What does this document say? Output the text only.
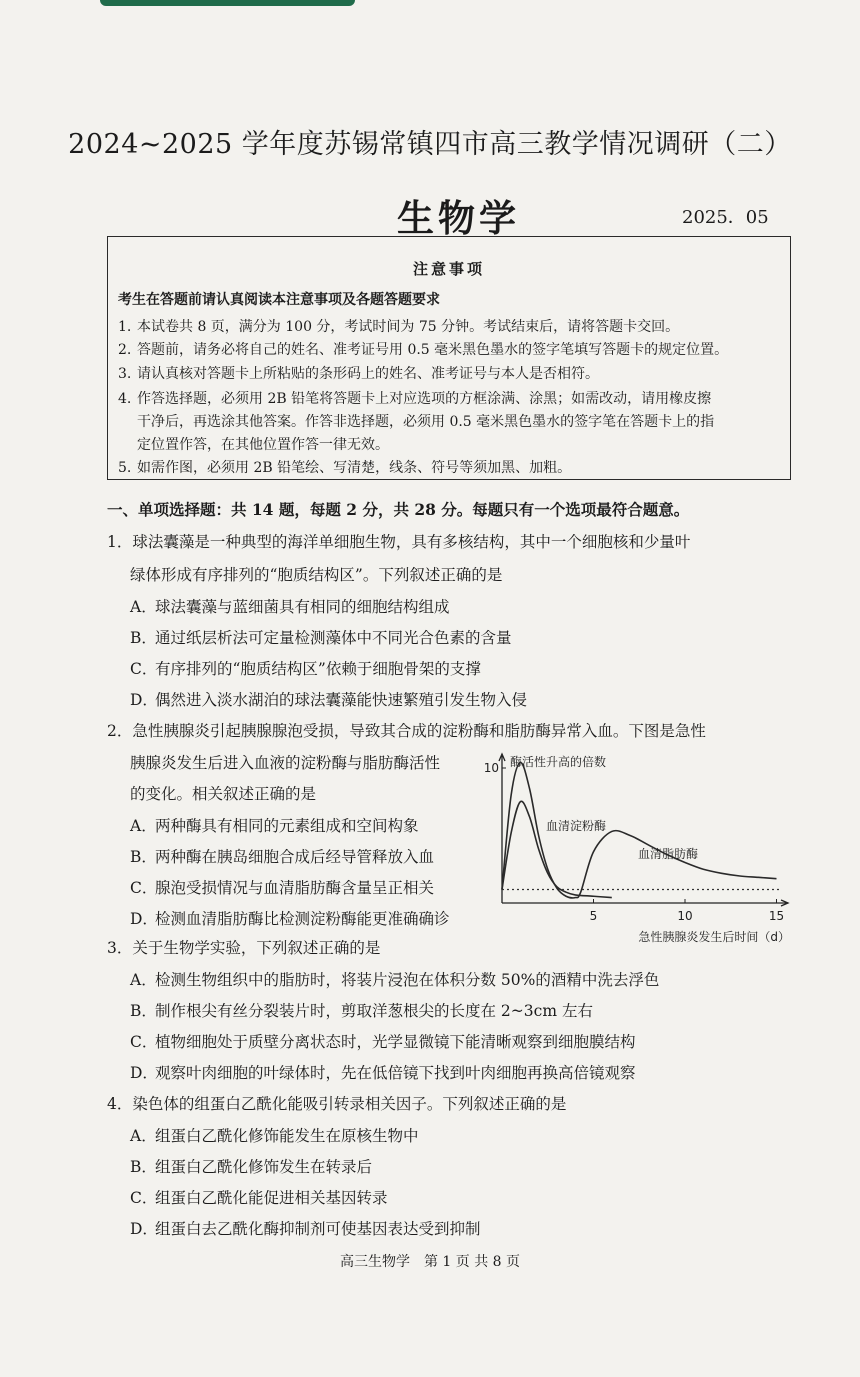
2024~2025 学年度苏锡常镇四市高三教学情况调研（二）
生物学	2025．05
注意事项
考生在答题前请认真阅读本注意事项及各题答题要求
1. 本试卷共 8 页，满分为 100 分，考试时间为 75 分钟。考试结束后，请将答题卡交回。
2. 答题前，请务必将自己的姓名、准考证号用 0.5 毫米黑色墨水的签字笔填写答题卡的规定位置。
3. 请认真核对答题卡上所粘贴的条形码上的姓名、准考证号与本人是否相符。
4. 作答选择题，必须用 2B 铅笔将答题卡上对应选项的方框涂满、涂黑；如需改动，请用橡皮擦
干净后，再选涂其他答案。作答非选择题，必须用 0.5 毫米黑色墨水的签字笔在答题卡上的指
定位置作答，在其他位置作答一律无效。
5. 如需作图，必须用 2B 铅笔绘、写清楚，线条、符号等须加黑、加粗。
一、单项选择题：共 14 题，每题 2 分，共 28 分。每题只有一个选项最符合题意。
1．球法囊藻是一种典型的海洋单细胞生物，具有多核结构，其中一个细胞核和少量叶
绿体形成有序排列的“胞质结构区”。下列叙述正确的是
A．球法囊藻与蓝细菌具有相同的细胞结构组成
B．通过纸层析法可定量检测藻体中不同光合色素的含量
C．有序排列的“胞质结构区”依赖于细胞骨架的支撑
D．偶然进入淡水湖泊的球法囊藻能快速繁殖引发生物入侵
2．急性胰腺炎引起胰腺腺泡受损，导致其合成的淀粉酶和脂肪酶异常入血。下图是急性
胰腺炎发生后进入血液的淀粉酶与脂肪酶活性
的变化。相关叙述正确的是
A．两种酶具有相同的元素组成和空间构象
B．两种酶在胰岛细胞合成后经导管释放入血
C．腺泡受损情况与血清脂肪酶含量呈正相关
D．检测血清脂肪酶比检测淀粉酶能更准确确诊
酶活性升高的倍数
急性胰腺炎发生后时间（d）
10
5	10	15
血清淀粉酶
血清脂肪酶
3．关于生物学实验，下列叙述正确的是
A．检测生物组织中的脂肪时，将装片浸泡在体积分数 50%的酒精中洗去浮色
B．制作根尖有丝分裂装片时，剪取洋葱根尖的长度在 2~3cm 左右
C．植物细胞处于质壁分离状态时，光学显微镜下能清晰观察到细胞膜结构
D．观察叶肉细胞的叶绿体时，先在低倍镜下找到叶肉细胞再换高倍镜观察
4．染色体的组蛋白乙酰化能吸引转录相关因子。下列叙述正确的是
A．组蛋白乙酰化修饰能发生在原核生物中
B．组蛋白乙酰化修饰发生在转录后
C．组蛋白乙酰化能促进相关基因转录
D．组蛋白去乙酰化酶抑制剂可使基因表达受到抑制
高三生物学　 第 1 页 共 8 页
